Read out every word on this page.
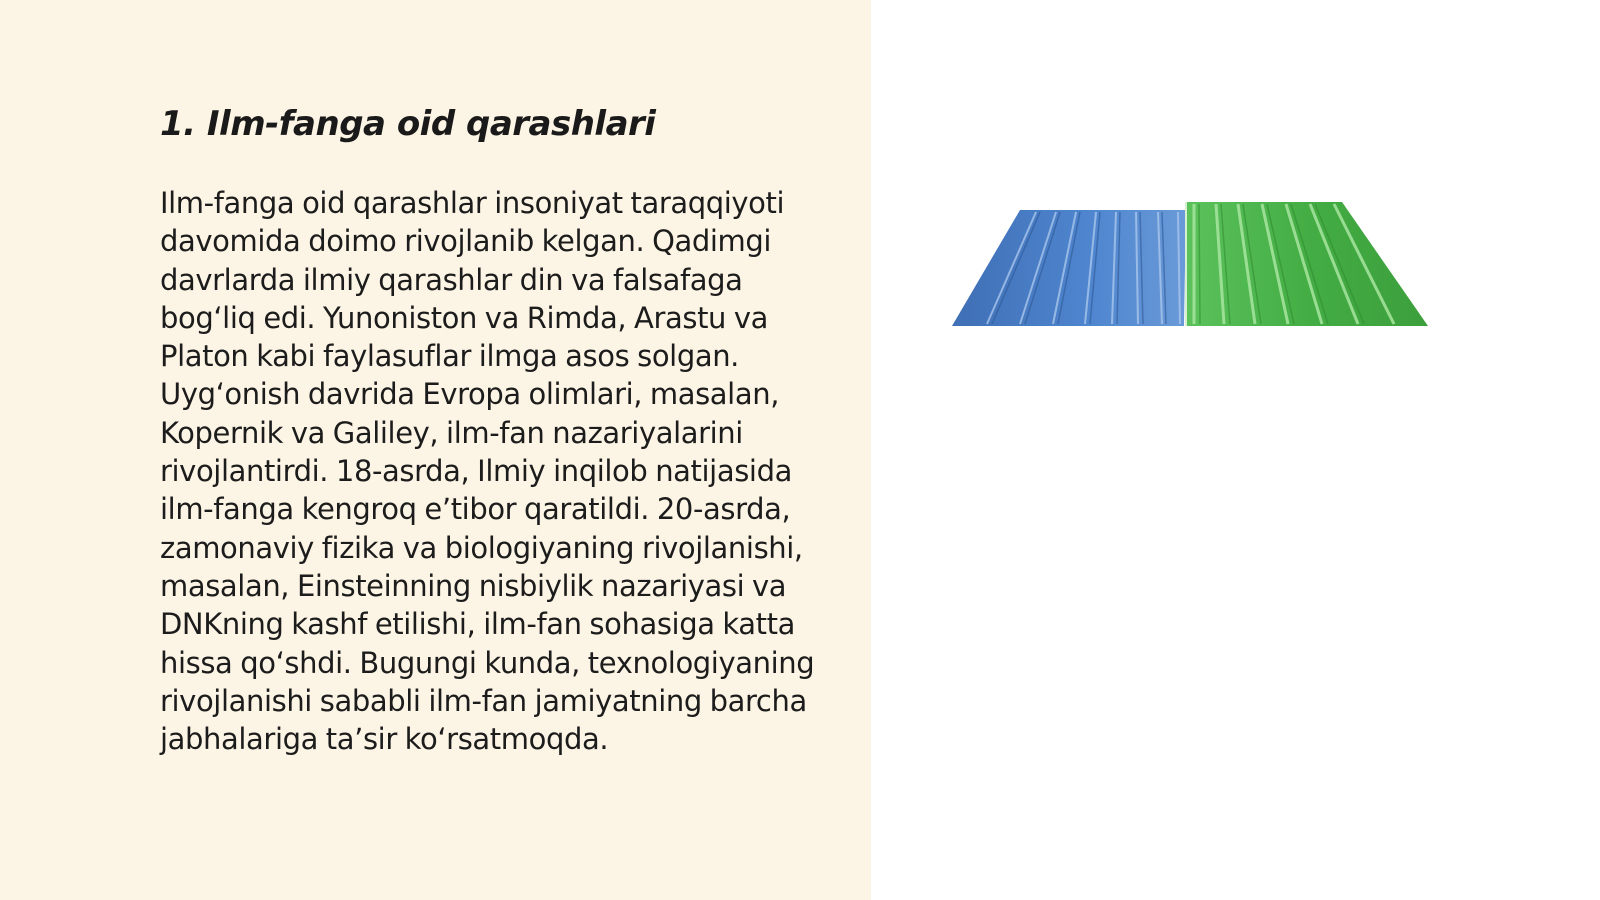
1. Ilm-fanga oid qarashlari

Ilm-fanga oid qarashlar insoniyat taraqqiyoti davomida doimo rivojlanib kelgan. Qadimgi davrlarda ilmiy qarashlar din va falsafaga bog‘liq edi. Yunoniston va Rimda, Arastu va Platon kabi faylasuflar ilmga asos solgan. Uyg‘onish davrida Evropa olimlari, masalan, Kopernik va Galiley, ilm-fan nazariyalarini rivojlantirdi. 18-asrda, Ilmiy inqilob natijasida ilm-fanga kengroq e’tibor qaratildi. 20-asrda, zamonaviy fizika va biologiyaning rivojlanishi, masalan, Einsteinning nisbiylik nazariyasi va DNKning kashf etilishi, ilm-fan sohasiga katta hissa qo‘shdi. Bugungi kunda, texnologiyaning rivojlanishi sababli ilm-fan jamiyatning barcha jabhalariga ta’sir ko‘rsatmoqda.
